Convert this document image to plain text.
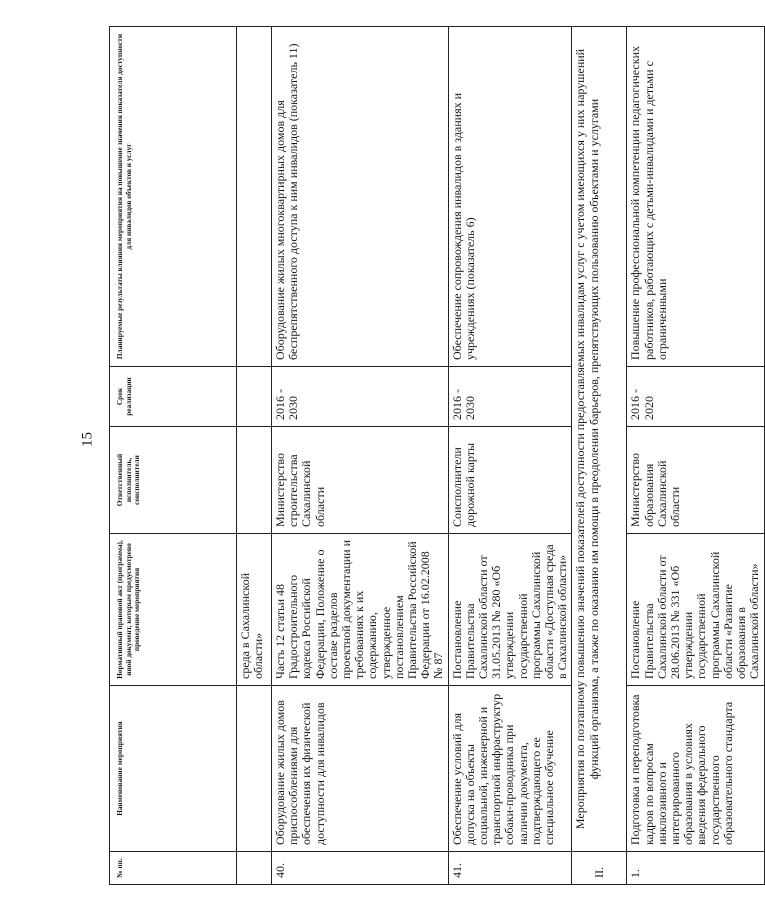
15
№ пп.	Наименование мероприятия	Нормативный правовой акт (программа), иной документ, которым предусмотрено проведение мероприятия	Ответственный исполнитель, соисполнители	Срок реализации	Планируемые результаты влияния мероприятия на повышение значения показателя доступности для инвалидов объектов и услуг
		среда в Сахалинской области»			
40.	Оборудование жилых домов приспособлениями для обеспечения их физической доступности для инвалидов	Часть 12 статьи 48 Градостроительного кодекса Российской Федерации, Положение о составе разделов проектной документации и требованиях к их содержанию, утвержденное постановлением Правительства Российской Федерации от 16.02.2008 № 87	Министерство строительства Сахалинской области	2016 - 2030	Оборудование жилых многоквартирных домов для беспрепятственного доступа к ним инвалидов (показатель 11)
41.	Обеспечение условий для допуска на объекты социальной, инженерной и транспортной инфраструктур собаки-проводника при наличии документа, подтверждающего ее специальное обучение	Постановление Правительства Сахалинской области от 31.05.2013 № 280 «Об утверждении государственной программы Сахалинской области «Доступная среда в Сахалинской области»	Соисполнители дорожной карты	2016 - 2030	Обеспечение сопровождения инвалидов в зданиях и учреждениях (показатель 6)
II.	Мероприятия по поэтапному повышению значений показателей доступности предоставляемых инвалидам услуг с учетом имеющихся у них нарушений функций организма, а также по оказанию им помощи в преодолении барьеров, препятствующих пользованию объектами и услугами				
1.	Подготовка и переподготовка кадров по вопросам инклюзивного и интегрированного образования в условиях введения федерального государственного образовательного стандарта	Постановление Правительства Сахалинской области от 28.06.2013 № 331 «Об утверждении государственной программы Сахалинской области «Развитие образования в Сахалинской области»	Министерство образования Сахалинской области	2016 - 2020	Повышение профессиональной компетенции педагогических работников, работающих с детьми-инвалидами и детьми с ограниченными
